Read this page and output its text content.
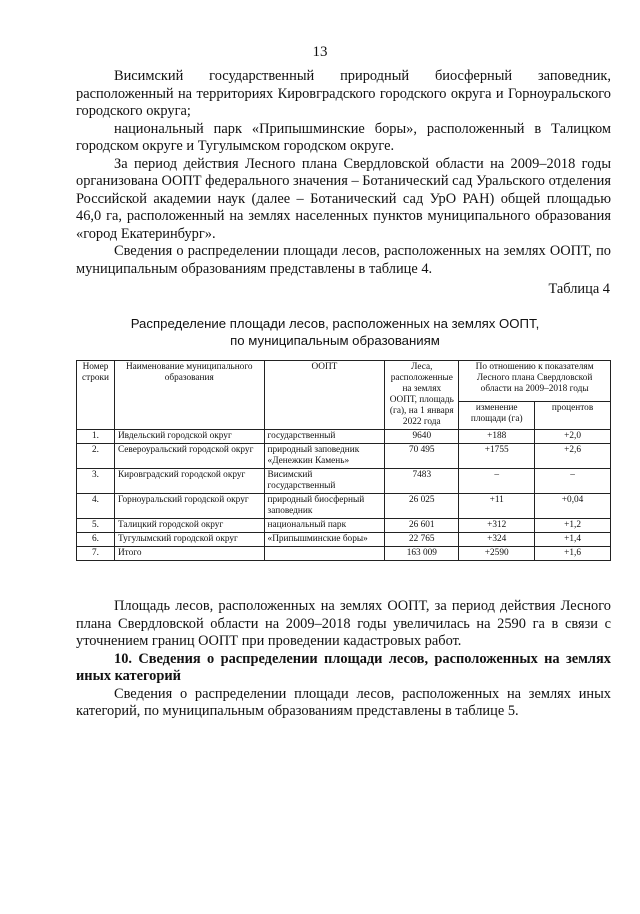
13

Висимский государственный природный биосферный заповедник, расположенный на территориях Кировградского городского округа и Горноуральского городского округа;

национальный парк «Припышминские боры», расположенный в Талицком городском округе и Тугулымском городском округе.

За период действия Лесного плана Свердловской области на 2009–2018 годы организована ООПТ федерального значения – Ботанический сад Уральского отделения Российской академии наук (далее – Ботанический сад УрО РАН) общей площадью 46,0 га, расположенный на землях населенных пунктов муниципального образования «город Екатеринбург».

Сведения о распределении площади лесов, расположенных на землях ООПТ, по муниципальным образованиям представлены в таблице 4.

Таблица 4
Распределение площади лесов, расположенных на землях ООПТ,
по муниципальным образованиям
Номер строки	Наименование муниципального образования	ООПТ	Леса, расположенные на землях ООПТ, площадь (га), на 1 января 2022 года	По отношению к показателям Лесного плана Свердловской области на 2009–2018 годы	
				изменение площади (га)	процентов
1.	Ивдельский городской округ	государственный	9640	+188	+2,0
2.	Североуральский городской округ	природный заповедник «Денежкин Камень»	70 495	+1755	+2,6
3.	Кировградский городской округ	Висимский государственный	7483	–	–
4.	Горноуральский городской округ	природный биосферный заповедник	26 025	+11	+0,04
5.	Талицкий городской округ	национальный парк	26 601	+312	+1,2
6.	Тугулымский городской округ	«Припышминские боры»	22 765	+324	+1,4
7.	Итого		163 009	+2590	+1,6

Площадь лесов, расположенных на землях ООПТ, за период действия Лесного плана Свердловской области на 2009–2018 годы увеличилась на 2590 га в связи с уточнением границ ООПТ при проведении кадастровых работ.

10. Сведения о распределении площади лесов, расположенных на землях иных категорий

Сведения о распределении площади лесов, расположенных на землях иных категорий, по муниципальным образованиям представлены в таблице 5.
